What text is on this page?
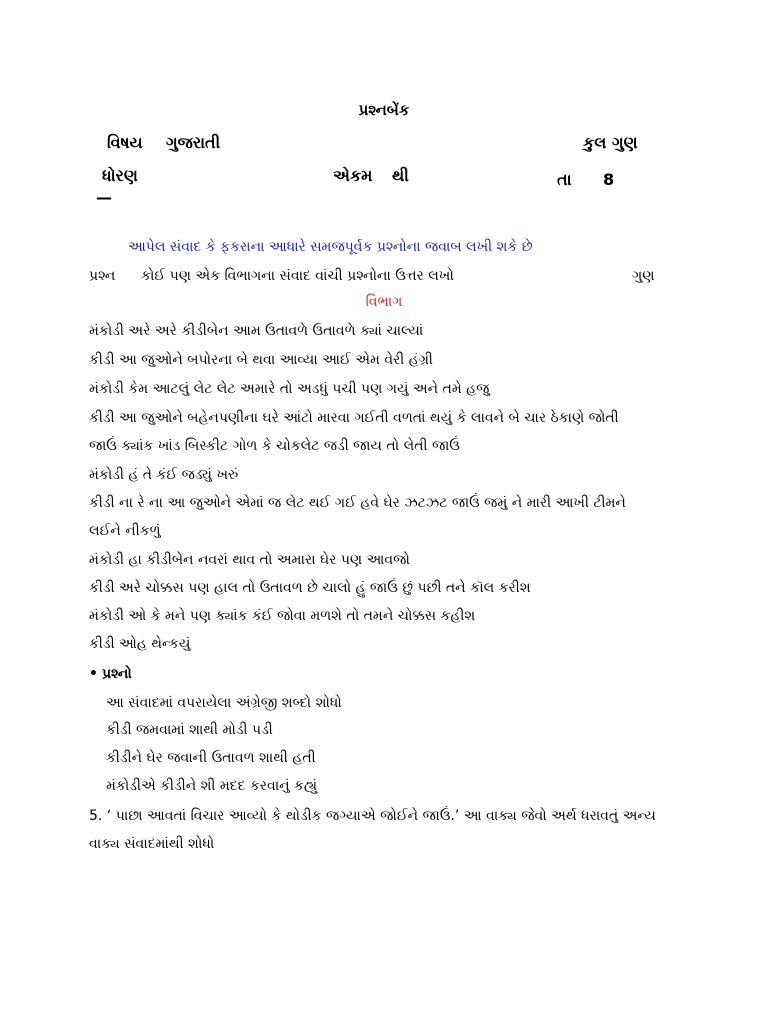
પ્રશ્નબેંક
વિષય ગુજરાતી	કુલ ગુણ
ધોરણ	એકમ થી	તા 8
—
આપેલ સંવાદ કે ફકરાના આધારે સમજપૂર્વક પ્રશ્નોના જવાબ લખી શકે છે
પ્રશ્ન કોઈ પણ એક વિભાગના સંવાદ વાંચી પ્રશ્નોના ઉત્તર લખો	ગુણ
વિભાગ
મંકોડી અરે અરે કીડીબેન આમ ઉતાવળે ઉતાવળે ક્યાં ચાલ્યાં
કીડી આ જુઓને બપોરના બે થવા આવ્યા આઈ એમ વેરી હંગ્રી
મંકોડી કેમ આટલું લેટ લેટ અમારે તો અડધું પચી પણ ગયું અને તમે હજુ
કીડી આ જુઓને બહેનપણીના ઘરે આંટો મારવા ગઈતી વળતાં થયું કે લાવને બે ચાર ઠેકાણે જોતી
જાઉં ક્યાંક ખાંડ બિસ્કીટ ગોળ કે ચોકલેટ જડી જાય તો લેતી જાઉં
મંકોડી હં તે કંઈ જડ્યું ખરું
કીડી ના રે ના આ જુઓને એમાં જ લેટ થઈ ગઈ હવે ઘેર ઝટઝટ જાઉં જમું ને મારી આખી ટીમને
લઈને નીકળું
મંકોડી હા કીડીબેન નવરાં થાવ તો અમારા ઘેર પણ આવજો
કીડી અરે ચોક્કસ પણ હાલ તો ઉતાવળ છે ચાલો હું જાઉં છું પછી તને કૉલ કરીશ
મંકોડી ઓ કે મને પણ ક્યાંક કંઈ જોવા મળશે તો તમને ચોક્કસ કહીશ
કીડી ઓહ થેન્કયું
• પ્રશ્નો
આ સંવાદમાં વપરાયેલા અંગ્રેજી શબ્દો શોધો
કીડી જમવામાં શાથી મોડી પડી
કીડીને ઘેર જવાની ઉતાવળ શાથી હતી
મંકોડીએ કીડીને શી મદદ કરવાનું કહ્યું
5. ‘ પાછા આવતાં વિચાર આવ્યો કે થોડીક જગ્યાએ જોઈને જાઉં.’ આ વાક્ય જેવો અર્થ ધરાવતું અન્ય
વાક્ય સંવાદમાંથી શોધો
